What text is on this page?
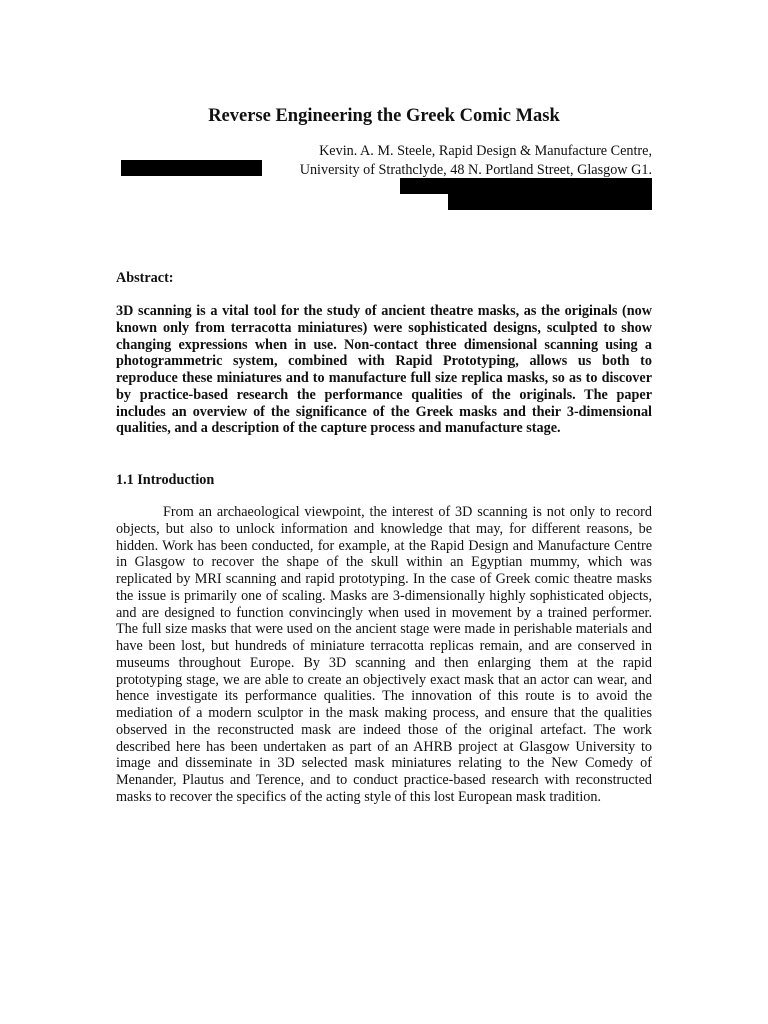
Reverse Engineering the Greek Comic Mask
Kevin. A. M. Steele, Rapid Design & Manufacture Centre,
University of Strathclyde, 48 N. Portland Street, Glasgow G1.
Abstract:

3D scanning is a vital tool for the study of ancient theatre masks, as the originals (now known only from terracotta miniatures) were sophisticated designs, sculpted to show changing expressions when in use. Non-contact three dimensional scanning using a photogrammetric system, combined with Rapid Prototyping, allows us both to reproduce these miniatures and to manufacture full size replica masks, so as to discover by practice-based research the performance qualities of the originals. The paper includes an overview of the significance of the Greek masks and their 3-dimensional qualities, and a description of the capture process and manufacture stage.

1.1 Introduction

From an archaeological viewpoint, the interest of 3D scanning is not only to record objects, but also to unlock information and knowledge that may, for different reasons, be hidden. Work has been conducted, for example, at the Rapid Design and Manufacture Centre in Glasgow to recover the shape of the skull within an Egyptian mummy, which was replicated by MRI scanning and rapid prototyping. In the case of Greek comic theatre masks the issue is primarily one of scaling. Masks are 3-dimensionally highly sophisticated objects, and are designed to function convincingly when used in movement by a trained performer. The full size masks that were used on the ancient stage were made in perishable materials and have been lost, but hundreds of miniature terracotta replicas remain, and are conserved in museums throughout Europe. By 3D scanning and then enlarging them at the rapid prototyping stage, we are able to create an objectively exact mask that an actor can wear, and hence investigate its performance qualities. The innovation of this route is to avoid the mediation of a modern sculptor in the mask making process, and ensure that the qualities observed in the reconstructed mask are indeed those of the original artefact. The work described here has been undertaken as part of an AHRB project at Glasgow University to image and disseminate in 3D selected mask miniatures relating to the New Comedy of Menander, Plautus and Terence, and to conduct practice-based research with reconstructed masks to recover the specifics of the acting style of this lost European mask tradition.
